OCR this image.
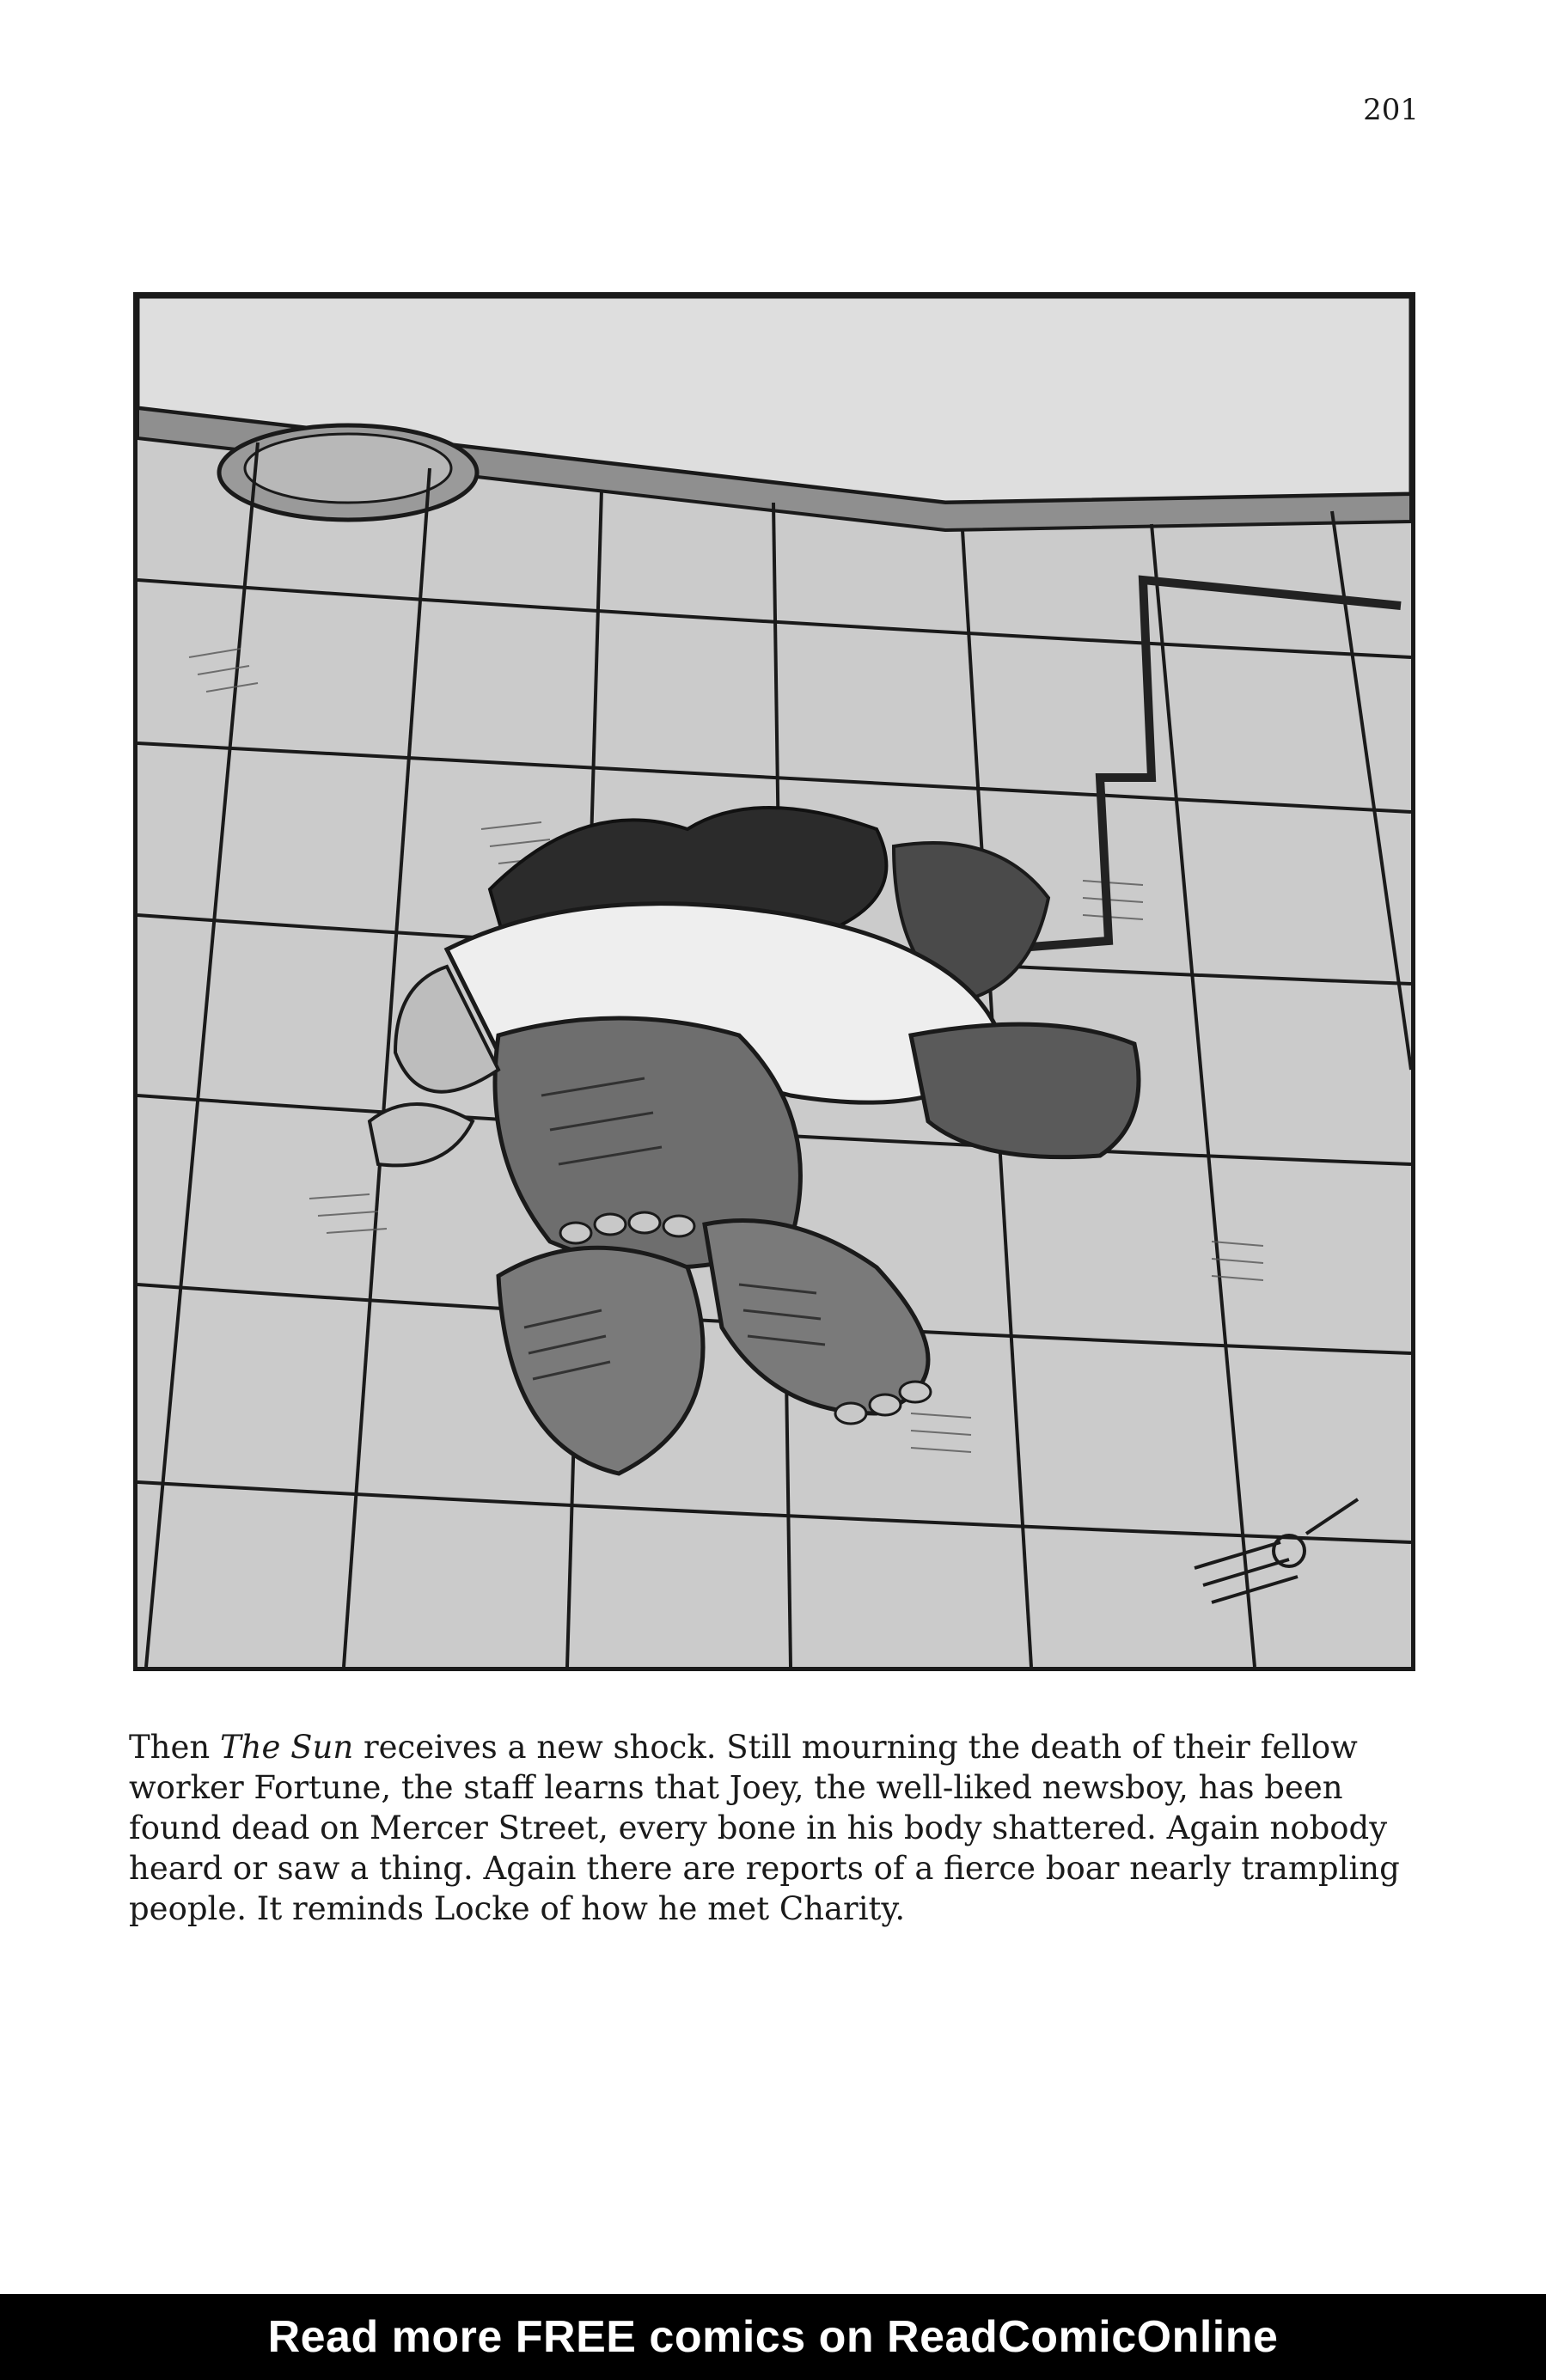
201
Then The Sun receives a new shock. Still mourning the death of their fellow worker Fortune, the staff learns that Joey, the well-liked newsboy, has been found dead on Mercer Street, every bone in his body shattered. Again nobody heard or saw a thing. Again there are reports of a fierce boar nearly trampling people. It reminds Locke of how he met Charity.
Read more FREE comics on ReadComicOnline
